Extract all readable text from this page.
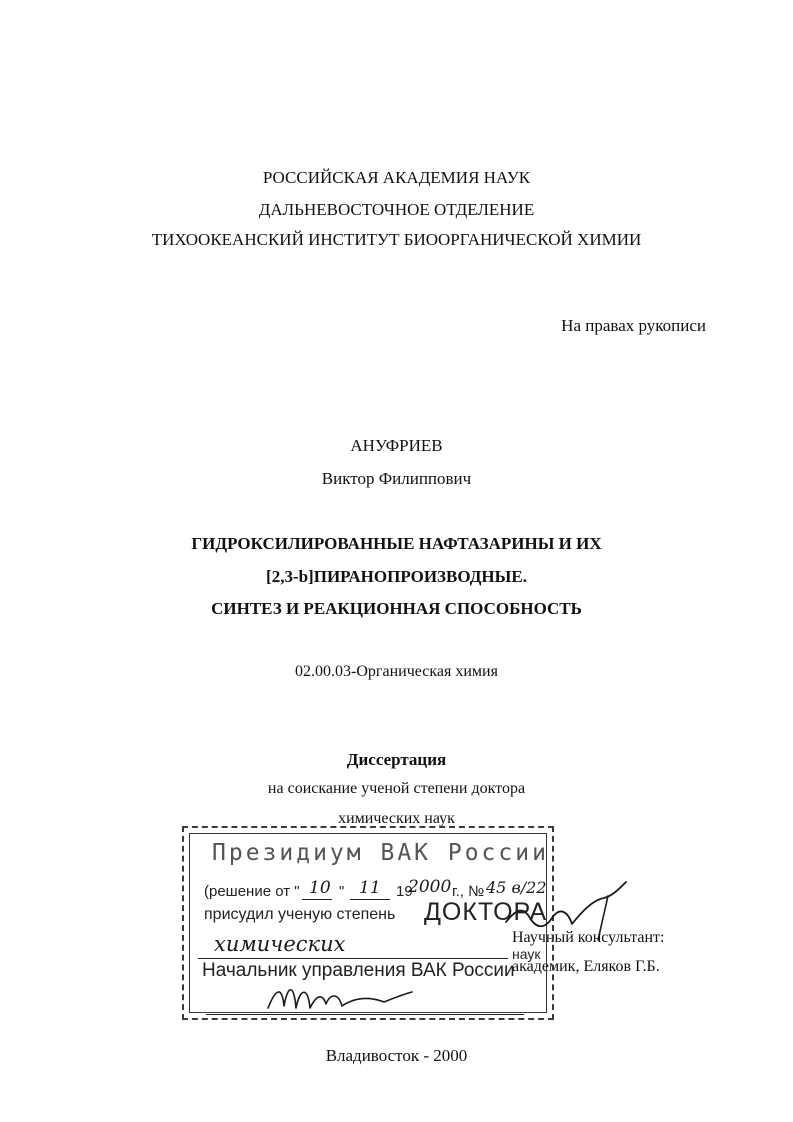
РОССИЙСКАЯ АКАДЕМИЯ НАУК
ДАЛЬНЕВОСТОЧНОЕ ОТДЕЛЕНИЕ
ТИХООКЕАНСКИЙ ИНСТИТУТ БИООРГАНИЧЕСКОЙ ХИМИИ
На правах рукописи
АНУФРИЕВ
Виктор Филиппович
ГИДРОКСИЛИРОВАННЫЕ НАФТАЗАРИНЫ И ИХ
[2,3-b]ПИРАНОПРОИЗВОДНЫЕ.
СИНТЕЗ И РЕАКЦИОННАЯ СПОСОБНОСТЬ
02.00.03-Органическая химия
Диссертация
на соискание ученой степени доктора
химических наук
Научный консультант:
академик, Еляков Г.Б.
Президиум ВАК России
(решение от " 10 " 11 19
2000 г., № 45 в/22
присудил ученую степень ДОКТОРА
химических	наук
Начальник управления ВАК России
Владивосток - 2000
